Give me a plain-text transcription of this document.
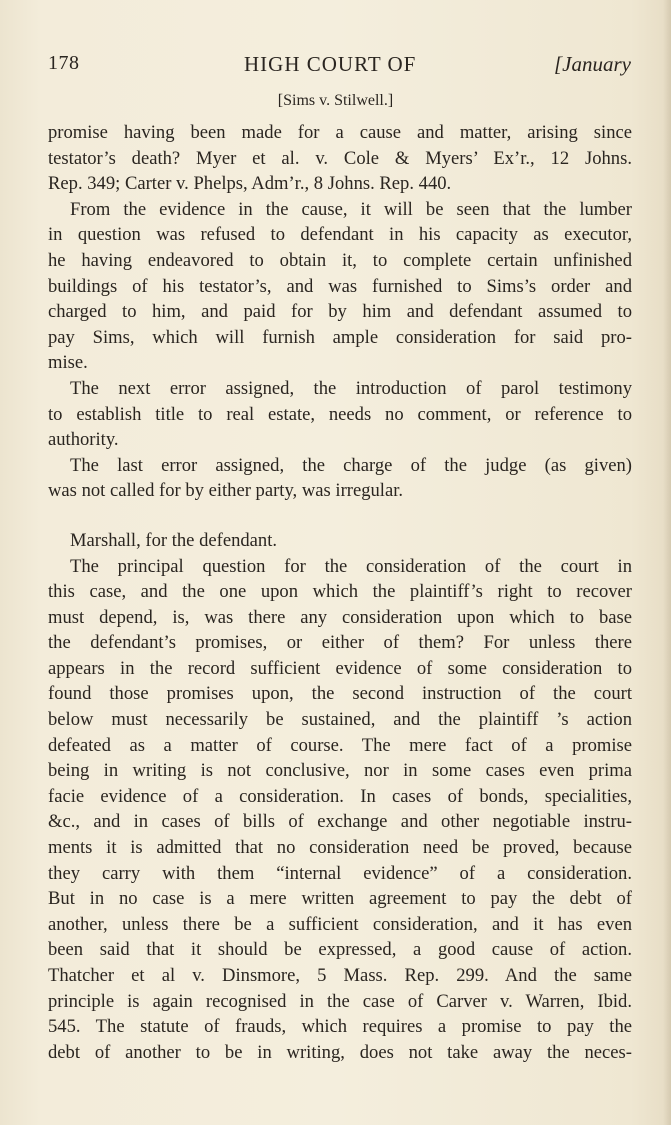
178	HIGH COURT OF	[January
[Sims v. Stilwell.]
promise having been made for a cause and matter, arising since
testator’s death? Myer et al. v. Cole & Myers’ Ex’r., 12 Johns.
Rep. 349; Carter v. Phelps, Adm’r., 8 Johns. Rep. 440.
From the evidence in the cause, it will be seen that the lumber
in question was refused to defendant in his capacity as executor,
he having endeavored to obtain it, to complete certain unfinished
buildings of his testator’s, and was furnished to Sims’s order and
charged to him, and paid for by him and defendant assumed to
pay Sims, which will furnish ample consideration for said pro-
mise.
The next error assigned, the introduction of parol testimony
to establish title to real estate, needs no comment, or reference to
authority.
The last error assigned, the charge of the judge (as given)
was not called for by either party, was irregular.
Marshall, for the defendant.
The principal question for the consideration of the court in
this case, and the one upon which the plaintiff’s right to recover
must depend, is, was there any consideration upon which to base
the defendant’s promises, or either of them? For unless there
appears in the record sufficient evidence of some consideration to
found those promises upon, the second instruction of the court
below must necessarily be sustained, and the plaintiff ’s action
defeated as a matter of course. The mere fact of a promise
being in writing is not conclusive, nor in some cases even prima
facie evidence of a consideration. In cases of bonds, specialities,
&c., and in cases of bills of exchange and other negotiable instru-
ments it is admitted that no consideration need be proved, because
they carry with them “internal evidence” of a consideration.
But in no case is a mere written agreement to pay the debt of
another, unless there be a sufficient consideration, and it has even
been said that it should be expressed, a good cause of action.
Thatcher et al v. Dinsmore, 5 Mass. Rep. 299. And the same
principle is again recognised in the case of Carver v. Warren, Ibid.
545. The statute of frauds, which requires a promise to pay the
debt of another to be in writing, does not take away the neces-
